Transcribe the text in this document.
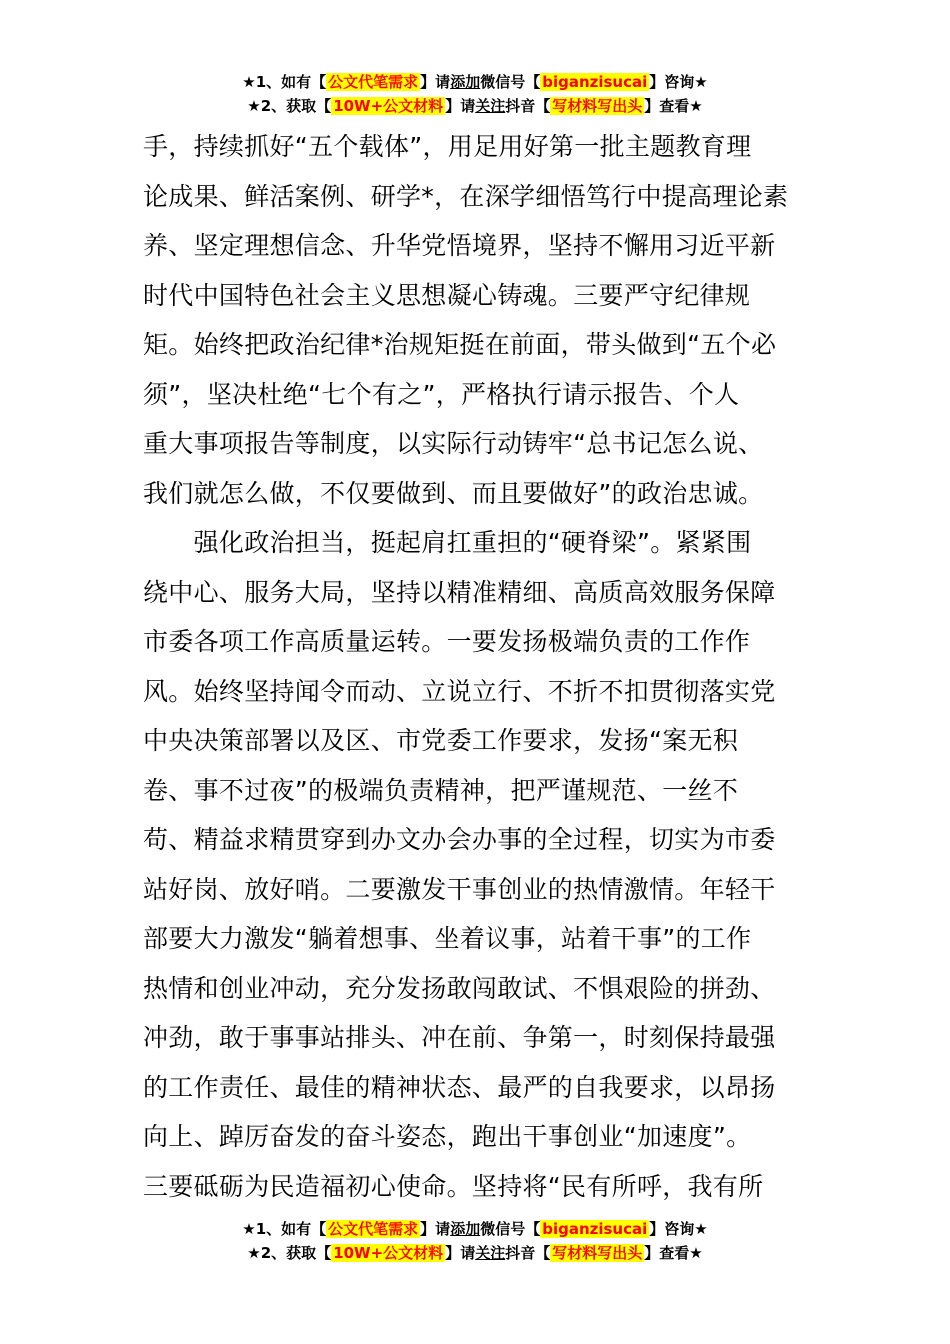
★1、如有【 公文代笔需求 】请添加微信号【 biganzisucai 】咨询★
★2、获取【 10W+公文材料 】请关注抖音【 写材料写出头 】查看★
手，持续抓好“五个载体”，用足用好第一批主题教育理
论成果、鲜活案例、研学*，在深学细悟笃行中提高理论素
养、坚定理想信念、升华党悟境界，坚持不懈用习近平新
时代中国特色社会主义思想凝心铸魂。三要严守纪律规
矩。始终把政治纪律*治规矩挺在前面，带头做到“五个必
须”，坚决杜绝“七个有之”，严格执行请示报告、个人
重大事项报告等制度，以实际行动铸牢“总书记怎么说、
我们就怎么做，不仅要做到、而且要做好”的政治忠诚。
　　强化政治担当，挺起肩扛重担的“硬脊梁”。紧紧围
绕中心、服务大局，坚持以精准精细、高质高效服务保障
市委各项工作高质量运转。一要发扬极端负责的工作作
风。始终坚持闻令而动、立说立行、不折不扣贯彻落实党
中央决策部署以及区、市党委工作要求，发扬“案无积
卷、事不过夜”的极端负责精神，把严谨规范、一丝不
苟、精益求精贯穿到办文办会办事的全过程，切实为市委
站好岗、放好哨。二要激发干事创业的热情激情。年轻干
部要大力激发“躺着想事、坐着议事，站着干事”的工作
热情和创业冲动，充分发扬敢闯敢试、不惧艰险的拼劲、
冲劲，敢于事事站排头、冲在前、争第一，时刻保持最强
的工作责任、最佳的精神状态、最严的自我要求，以昂扬
向上、踔厉奋发的奋斗姿态，跑出干事创业“加速度”。
三要砥砺为民造福初心使命。坚持将“民有所呼，我有所
★1、如有【 公文代笔需求 】请添加微信号【 biganzisucai 】咨询★
★2、获取【 10W+公文材料 】请关注抖音【 写材料写出头 】查看★
